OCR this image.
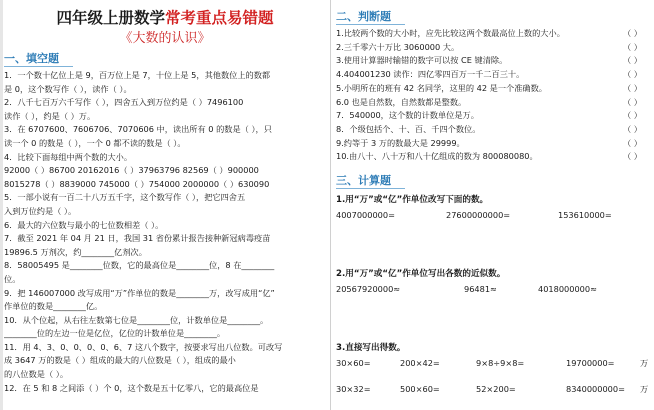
四年级上册数学常考重点易错题
《大数的认识》
一、填空题
1．一个数十亿位上是 9，百万位上是 7，十位上是 5，其他数位上的数都
是 0，这个数写作（ ），读作（ ）。
2．八千七百万六千写作（ ），四舍五入到万位约是（ ）7496100
读作（ ），约是（ ）万。
3．在 6707600、7606706、7070606 中，读出所有 0 的数是（ ），只
读一个 0 的数是（ ），一个 0 都不读的数是（ ）。
4．比较下面每组中两个数的大小。
92000（ ）86700 20162016（ ）37963796 82569（ ）900000
8015278（ ）8839000 745000（ ）754000 2000000（ ）630090
5．一部小说有一百二十八万五千字，这个数写作（ ），把它四舍五
入到万位约是（ ）。
6．最大的六位数与最小的七位数相差（ ）。
7．截至 2021 年 04 月 21 日，我国 31 省份累计报告接种新冠病毒疫苗
19896.5 万剂次，约________亿剂次。
8．58005495 是________位数，它的最高位是________位，8 在________
位。
9．把 146007000 改写成用“万”作单位的数是________万，改写成用“亿”
作单位的数是________亿。
10．从个位起，从右往左数第七位是________位，计数单位是________。
________位的左边一位是亿位，亿位的计数单位是________。
11．用 4、3、0、0、0、0、6、7 这八个数字，按要求写出八位数。可改写
成 3647 万的数是（ ）组成的最大的八位数是（ ），组成的最小
的八位数是（ ）。
12．在 5 和 8 之间添（ ）个 0，这个数是五十亿零八，它的最高位是
二、判断题
1.比较两个数的大小时，应先比较这两个数最高位上数的大小。	（ ）
2.三千零六十万比 3060000 大。	（ ）
3.使用计算器时输错的数字可以按 CE 键清除。	（ ）
4.404001230 读作：四亿零四百万一千二百三十。	（ ）
5.小明所在的班有 42 名同学，这里的 42 是一个准确数。	（ ）
6.0 也是自然数，自然数都是整数。	（ ）
7．540000，这个数的计数单位是万。	（ ）
8．个级包括个、十、百、千四个数位。	（ ）
9.约等于 3 万的数最大是 29999。	（ ）
10.由八十、八十万和八十亿组成的数为 800080080。	（ ）
三、计算题
1.用“万”或“亿”作单位改写下面的数。
4007000000=	27600000000=	153610000=
2.用“万”或“亿”作单位写出各数的近似数。
20567920000≈	96481≈	4018000000≈
3.直接写出得数。
30×60=	200×42=	9×8÷9×8=	19700000=	万
30×32=	500×60=	52×200=	8340000000= 万
